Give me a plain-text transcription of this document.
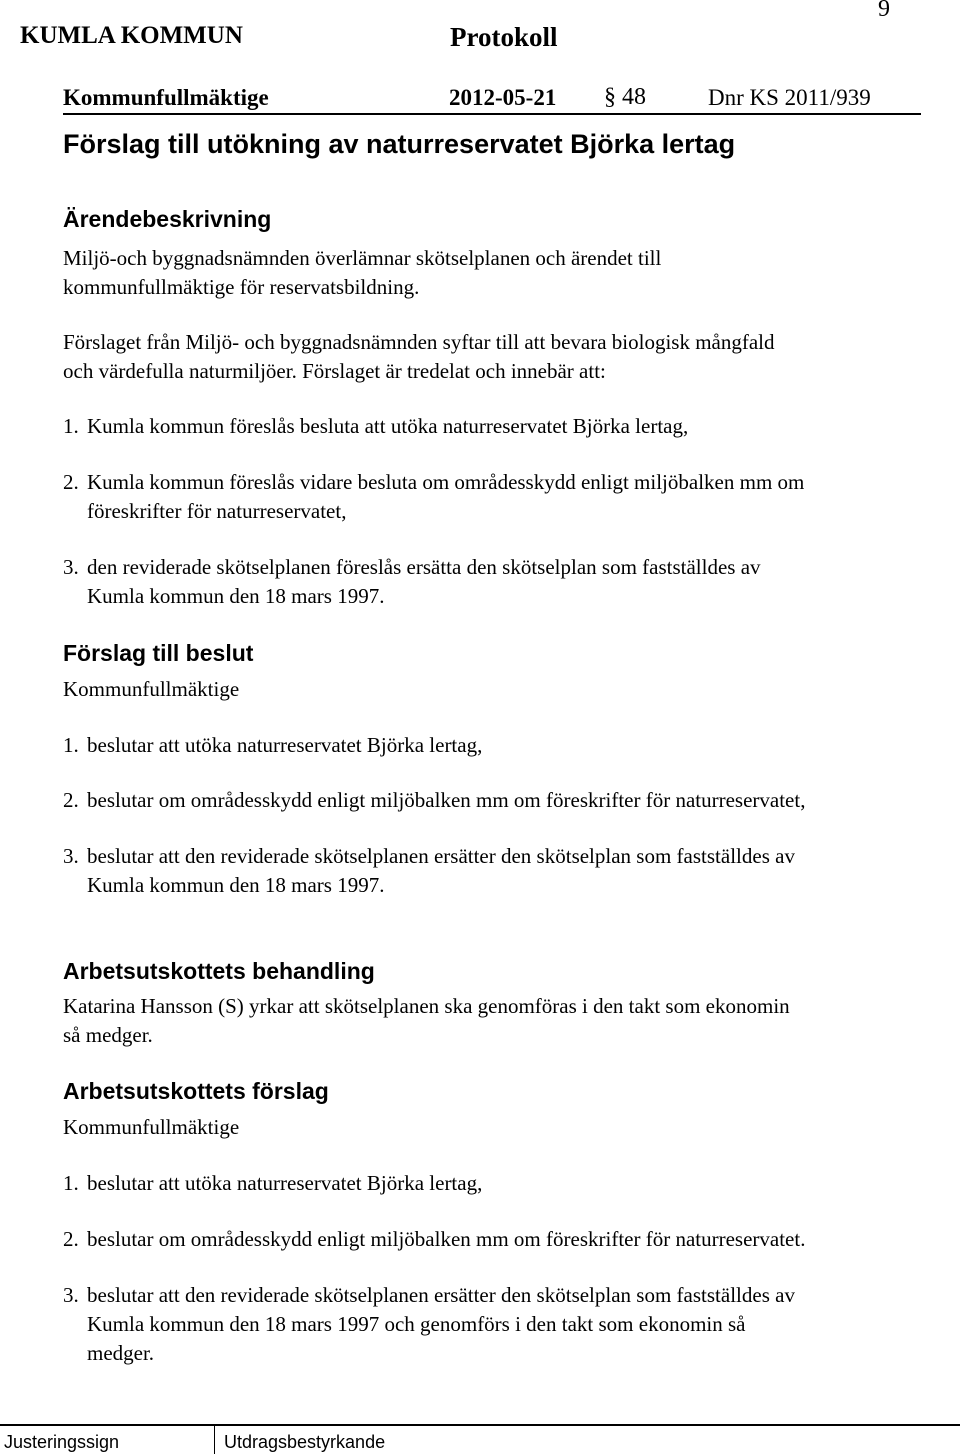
KUMLA KOMMUN	Protokoll
9
Kommunfullmäktige	2012-05-21 § 48	Dnr KS 2011/939
Förslag till utökning av naturreservatet Björka lertag
Ärendebeskrivning
Miljö-och byggnadsnämnden överlämnar skötselplanen och ärendet till
kommunfullmäktige för reservatsbildning.
Förslaget från Miljö- och byggnadsnämnden syftar till att bevara biologisk mångfald
och värdefulla naturmiljöer. Förslaget är tredelat och innebär att:
1. Kumla kommun föreslås besluta att utöka naturreservatet Björka lertag,
2. Kumla kommun föreslås vidare besluta om områdesskydd enligt miljöbalken mm om
föreskrifter för naturreservatet,
3. den reviderade skötselplanen föreslås ersätta den skötselplan som fastställdes av
Kumla kommun den 18 mars 1997.
Förslag till beslut
Kommunfullmäktige
1. beslutar att utöka naturreservatet Björka lertag,
2. beslutar om områdesskydd enligt miljöbalken mm om föreskrifter för naturreservatet,
3. beslutar att den reviderade skötselplanen ersätter den skötselplan som fastställdes av
Kumla kommun den 18 mars 1997.
Arbetsutskottets behandling
Katarina Hansson (S) yrkar att skötselplanen ska genomföras i den takt som ekonomin
så medger.
Arbetsutskottets förslag
Kommunfullmäktige
1. beslutar att utöka naturreservatet Björka lertag,
2. beslutar om områdesskydd enligt miljöbalken mm om föreskrifter för naturreservatet.
3. beslutar att den reviderade skötselplanen ersätter den skötselplan som fastställdes av
Kumla kommun den 18 mars 1997 och genomförs i den takt som ekonomin så
medger.
Justeringssign	Utdragsbestyrkande
